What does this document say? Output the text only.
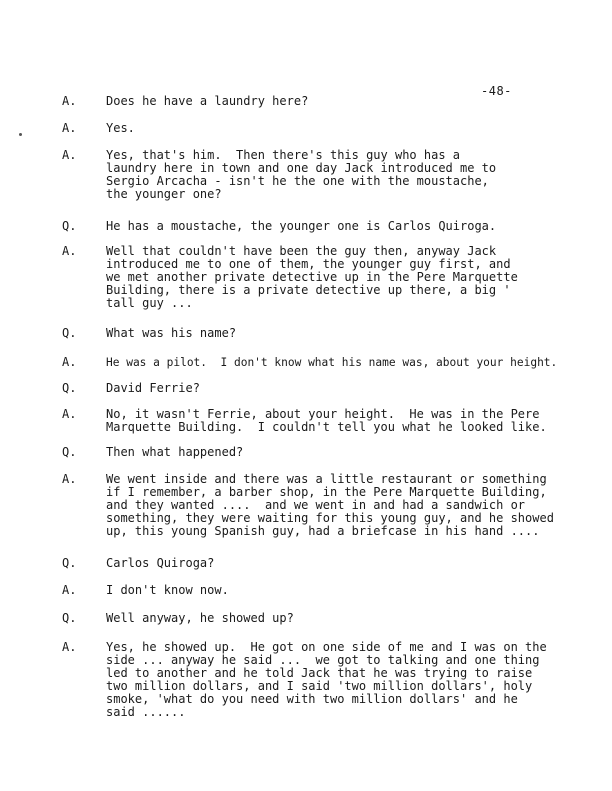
-48-
A.	Does he have a laundry here?
A.	Yes.
A.	Yes, that's him.  Then there's this guy who has a
laundry here in town and one day Jack introduced me to
Sergio Arcacha - isn't he the one with the moustache,
the younger one?
Q.	He has a moustache, the younger one is Carlos Quiroga.
A.	Well that couldn't have been the guy then, anyway Jack
introduced me to one of them, the younger guy first, and
we met another private detective up in the Pere Marquette
Building, there is a private detective up there, a big '
tall guy ...
Q.	What was his name?
A.	He was a pilot.  I don't know what his name was, about your height.
Q.	David Ferrie?
A.	No, it wasn't Ferrie, about your height.  He was in the Pere
Marquette Building.  I couldn't tell you what he looked like.
Q.	Then what happened?
A.	We went inside and there was a little restaurant or something
if I remember, a barber shop, in the Pere Marquette Building,
and they wanted ....  and we went in and had a sandwich or
something, they were waiting for this young guy, and he showed
up, this young Spanish guy, had a briefcase in his hand ....
Q.	Carlos Quiroga?
A.	I don't know now.
Q.	Well anyway, he showed up?
A.	Yes, he showed up.  He got on one side of me and I was on the
side ... anyway he said ...  we got to talking and one thing
led to another and he told Jack that he was trying to raise
two million dollars, and I said 'two million dollars', holy
smoke, 'what do you need with two million dollars' and he
said ......
